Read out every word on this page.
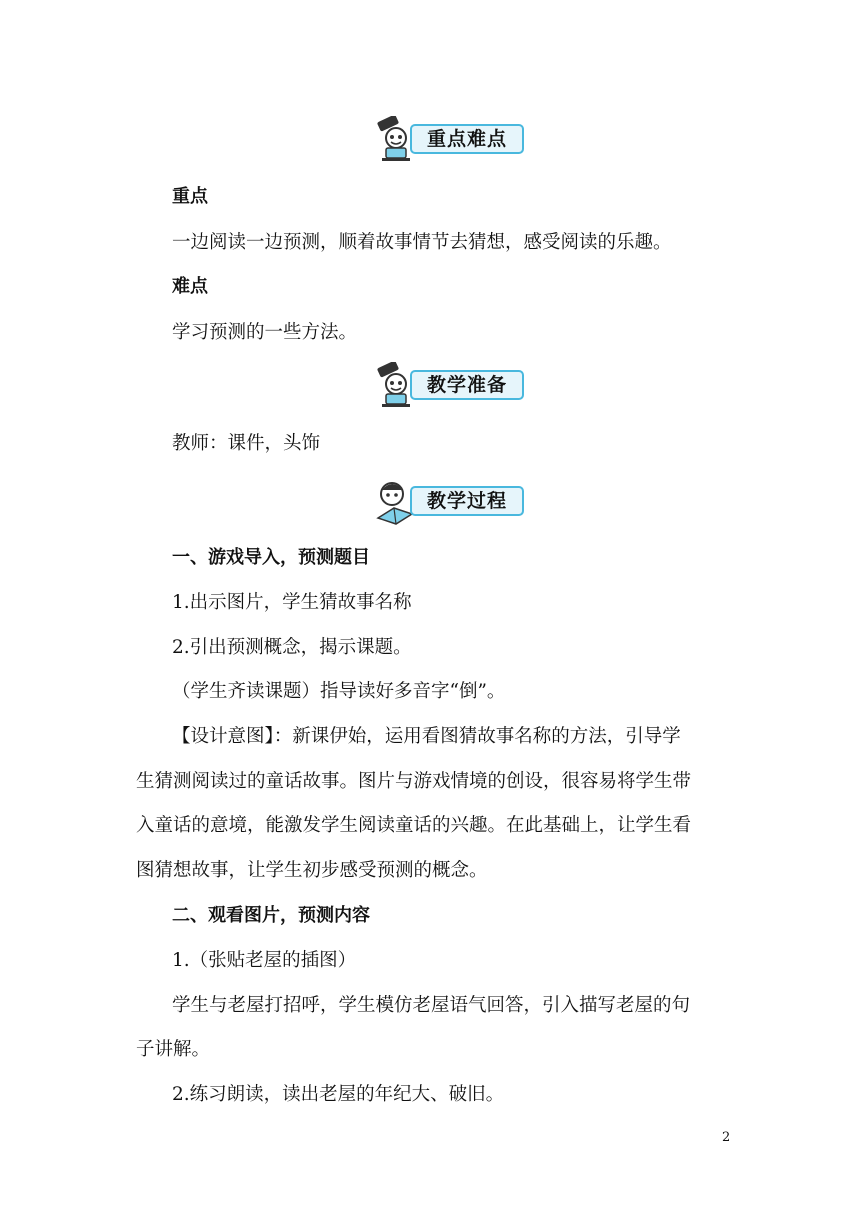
重点难点
重点
一边阅读一边预测，顺着故事情节去猜想，感受阅读的乐趣。
难点
学习预测的一些方法。
教学准备
教师：课件，头饰
教学过程
一、游戏导入，预测题目
1.出示图片，学生猜故事名称
2.引出预测概念，揭示课题。
（学生齐读课题）指导读好多音字“倒”。
【设计意图】：新课伊始，运用看图猜故事名称的方法，引导学
生猜测阅读过的童话故事。图片与游戏情境的创设，很容易将学生带
入童话的意境，能激发学生阅读童话的兴趣。在此基础上，让学生看
图猜想故事，让学生初步感受预测的概念。
二、观看图片，预测内容
1.（张贴老屋的插图）
学生与老屋打招呼，学生模仿老屋语气回答，引入描写老屋的句
子讲解。
2.练习朗读，读出老屋的年纪大、破旧。
2
